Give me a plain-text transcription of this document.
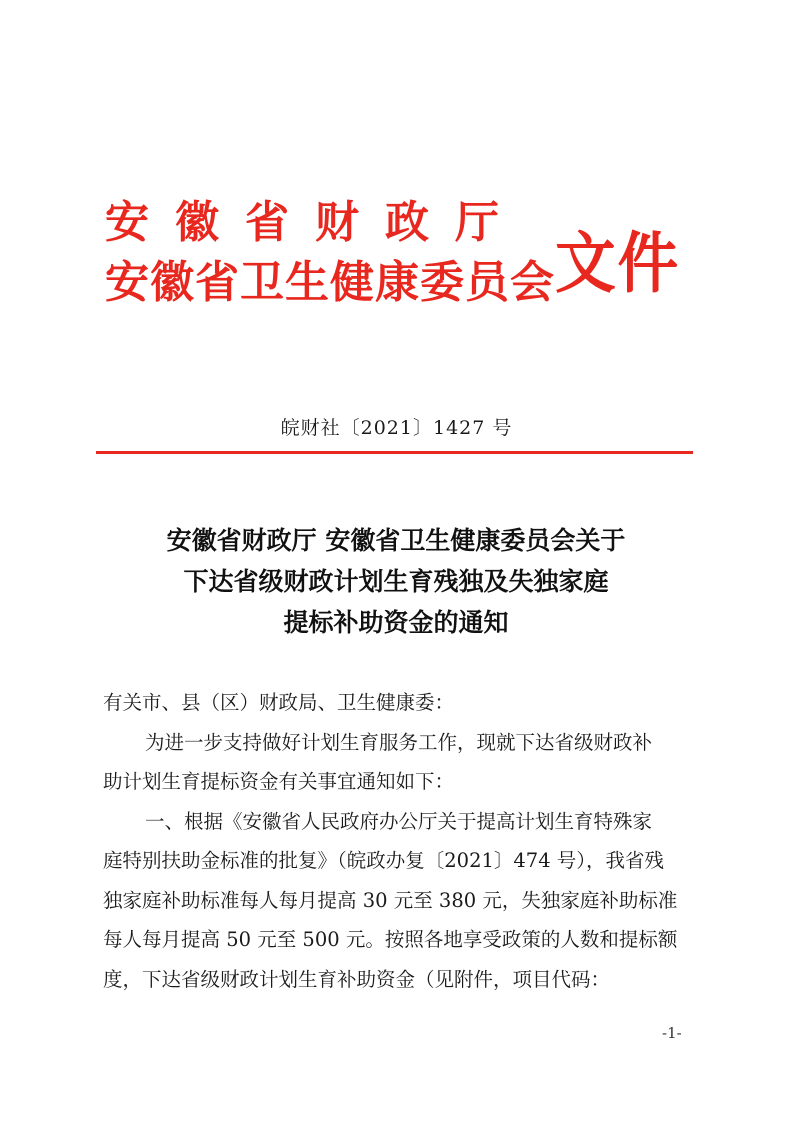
安徽省财政厅
安徽省卫生健康委员会 文件
皖财社〔2021〕1427 号
安徽省财政厅 安徽省卫生健康委员会关于
下达省级财政计划生育残独及失独家庭
提标补助资金的通知
有关市、县（区）财政局、卫生健康委：
为进一步支持做好计划生育服务工作，现就下达省级财政补
助计划生育提标资金有关事宜通知如下：
一、根据《安徽省人民政府办公厅关于提高计划生育特殊家
庭特别扶助金标准的批复》（皖政办复〔2021〕474 号），我省残
独家庭补助标准每人每月提高 30 元至 380 元，失独家庭补助标准
每人每月提高 50 元至 500 元。按照各地享受政策的人数和提标额
度，下达省级财政计划生育补助资金（见附件，项目代码：
-1-
